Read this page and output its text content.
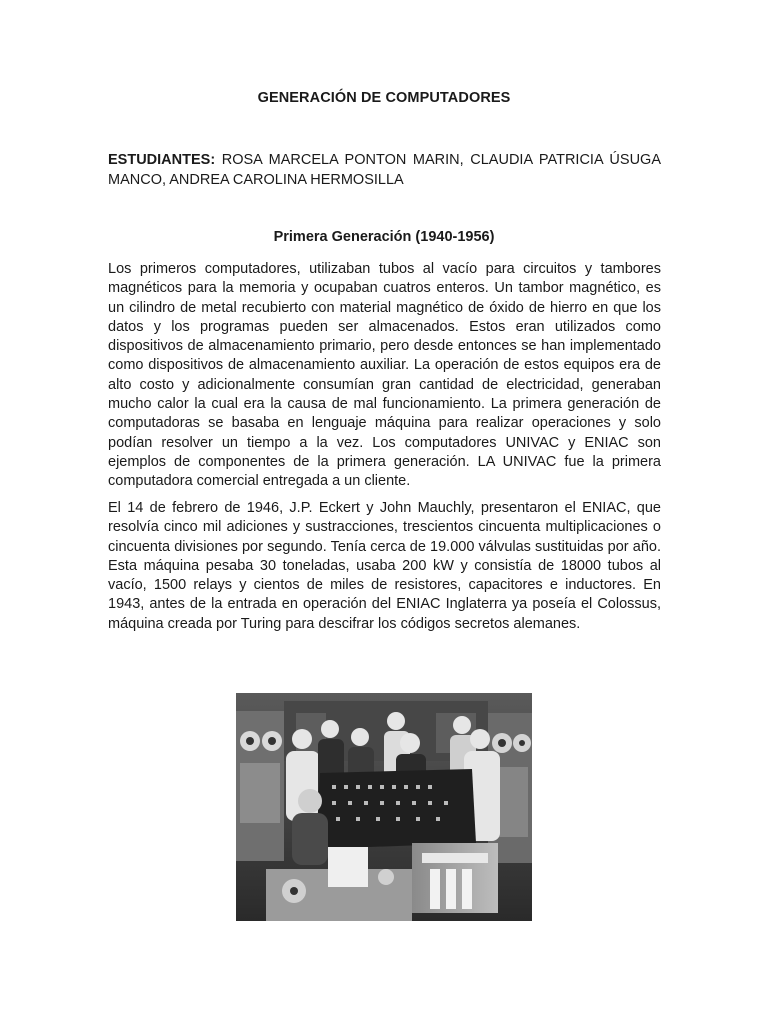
GENERACIÓN DE COMPUTADORES
ESTUDIANTES: ROSA MARCELA PONTON MARIN, CLAUDIA PATRICIA ÚSUGA MANCO, ANDREA CAROLINA HERMOSILLA
Primera Generación (1940-1956)

Los primeros computadores, utilizaban tubos al vacío para circuitos y tambores magnéticos para la memoria y ocupaban cuatros enteros. Un tambor magnético, es un cilindro de metal recubierto con material magnético de óxido de hierro en que los datos y los programas pueden ser almacenados. Estos eran utilizados como dispositivos de almacenamiento primario, pero desde entonces se han implementado como dispositivos de almacenamiento auxiliar. La operación de estos equipos era de alto costo y adicionalmente consumían gran cantidad de electricidad, generaban mucho calor la cual era la causa de mal funcionamiento. La primera generación de computadoras se basaba en lenguaje máquina para realizar operaciones y solo podían resolver un tiempo a la vez. Los computadores UNIVAC y ENIAC son ejemplos de componentes de la primera generación. LA UNIVAC fue la primera computadora comercial entregada a un cliente.

El 14 de febrero de 1946, J.P. Eckert y John Mauchly, presentaron el ENIAC, que resolvía cinco mil adiciones y sustracciones, trescientos cincuenta multiplicaciones o cincuenta divisiones por segundo. Tenía cerca de 19.000 válvulas sustituidas por año. Esta máquina pesaba 30 toneladas, usaba 200 kW y consistía de 18000 tubos al vacío, 1500 relays y cientos de miles de resistores, capacitores e inductores. En 1943, antes de la entrada en operación del ENIAC Inglaterra ya poseía el Colossus, máquina creada por Turing para descifrar los códigos secretos alemanes.
